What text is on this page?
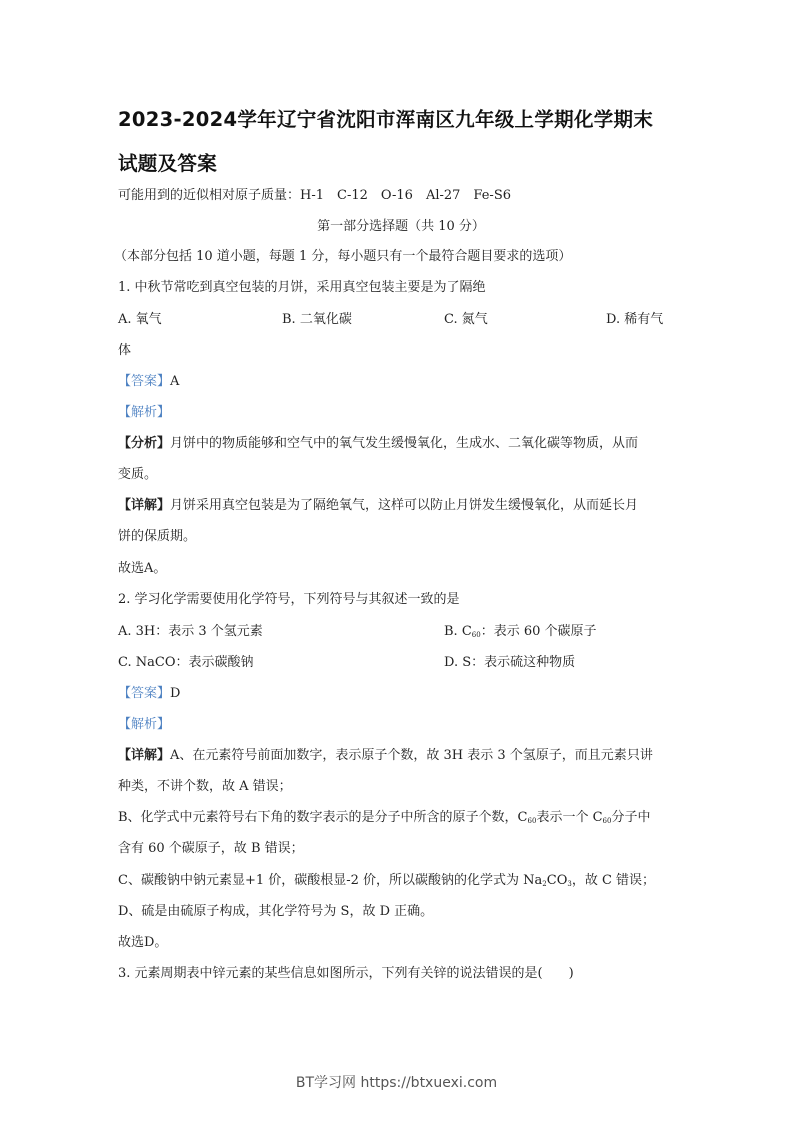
2023-2024学年辽宁省沈阳市浑南区九年级上学期化学期末
试题及答案
可能用到的近似相对原子质量：H-1　C-12　O-16　Al-27　Fe-S6
第一部分选择题（共 10 分）
（本部分包括 10 道小题，每题 1 分，每小题只有一个最符合题目要求的选项）
1. 中秋节常吃到真空包装的月饼，采用真空包装主要是为了隔绝
A. 氧气	B. 二氧化碳	C. 氮气	D. 稀有气
体
【答案】A
【解析】
【分析】月饼中的物质能够和空气中的氧气发生缓慢氧化，生成水、二氧化碳等物质，从而
变质。
【详解】月饼采用真空包装是为了隔绝氧气，这样可以防止月饼发生缓慢氧化，从而延长月
饼的保质期。
故选A。
2. 学习化学需要使用化学符号，下列符号与其叙述一致的是
A. 3H：表示 3 个氢元素	B. $C_{60}$：表示 60 个碳原子
C. NaCO：表示碳酸钠	D. S：表示硫这种物质
【答案】D
【解析】
【详解】A、在元素符号前面加数字，表示原子个数，故 3H 表示 3 个氢原子，而且元素只讲
种类，不讲个数，故 A 错误；
B、化学式中元素符号右下角的数字表示的是分子中所含的原子个数，$C_{60}$表示一个 $C_{60}$分子中
含有 60 个碳原子，故 B 错误；
C、碳酸钠中钠元素显+1 价，碳酸根显-2 价，所以碳酸钠的化学式为 $Na_2CO_3$，故 C 错误；
D、硫是由硫原子构成，其化学符号为 S，故 D 正确。
故选D。
3. 元素周期表中锌元素的某些信息如图所示，下列有关锌的说法错误的是(　　)
BT学习网 https://btxuexi.com
